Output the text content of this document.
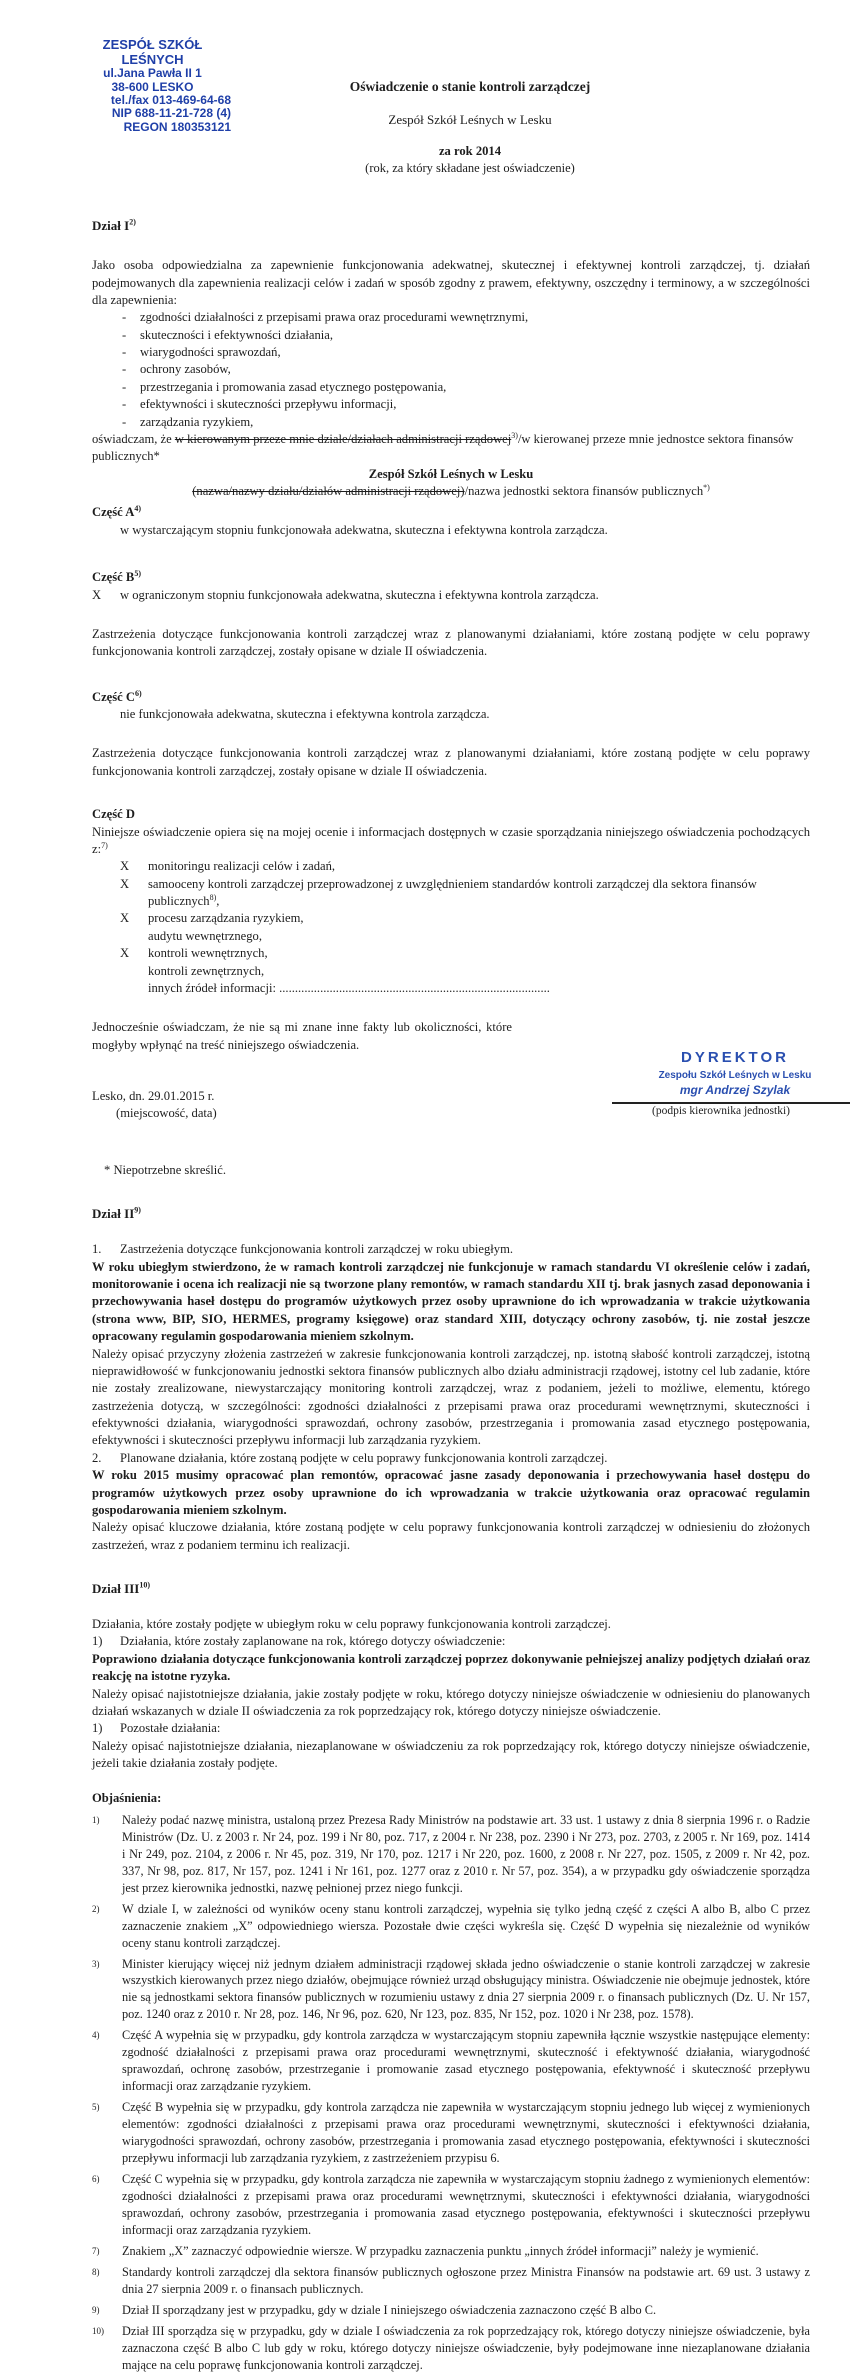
ZESPÓŁ SZKÓŁ LEŚNYCH
ul.Jana Pawła II 1
38-600 LESKO
tel./fax 013-469-64-68
NIP 688-11-21-728 (4)
REGON 180353121
Oświadczenie o stanie kontroli zarządczej
Zespół Szkół Leśnych w Lesku
za rok 2014
(rok, za który składane jest oświadczenie)
Dział $I^{2)}$

Jako osoba odpowiedzialna za zapewnienie funkcjonowania adekwatnej, skutecznej i efektywnej kontroli zarządczej, tj. działań podejmowanych dla zapewnienia realizacji celów i zadań w sposób zgodny z prawem, efektywny, oszczędny i terminowy, a w szczególności dla zapewnienia:

- zgodności działalności z przepisami prawa oraz procedurami wewnętrznymi,
- skuteczności i efektywności działania,
- wiarygodności sprawozdań,
- ochrony zasobów,
- przestrzegania i promowania zasad etycznego postępowania,
- efektywności i skuteczności przepływu informacji,
- zarządzania ryzykiem,

oświadczam, że w kierowanym przeze mnie dziale/działach administracji rządowej$^{3)}$/w kierowanej przeze mnie jednostce sektora finansów publicznych*

Zespół Szkół Leśnych w Lesku

(nazwa/nazwy działu/działów administracji rządowej)/nazwa jednostki sektora finansów publicznych*)

Część $A^{4)}$
w wystarczającym stopniu funkcjonowała adekwatna, skuteczna i efektywna kontrola zarządcza.
Część $B^{5)}$
X	w ograniczonym stopniu funkcjonowała adekwatna, skuteczna i efektywna kontrola zarządcza.

Zastrzeżenia dotyczące funkcjonowania kontroli zarządczej wraz z planowanymi działaniami, które zostaną podjęte w celu poprawy funkcjonowania kontroli zarządczej, zostały opisane w dziale II oświadczenia.

Część $C^{6)}$
nie funkcjonowała adekwatna, skuteczna i efektywna kontrola zarządcza.

Zastrzeżenia dotyczące funkcjonowania kontroli zarządczej wraz z planowanymi działaniami, które zostaną podjęte w celu poprawy funkcjonowania kontroli zarządczej, zostały opisane w dziale II oświadczenia.

Część D

Niniejsze oświadczenie opiera się na mojej ocenie i informacjach dostępnych w czasie sporządzania niniejszego oświadczenia pochodzących z:$^{7)}$

X	monitoringu realizacji celów i zadań,
X	samooceny kontroli zarządczej przeprowadzonej z uwzględnieniem standardów kontroli zarządczej dla sektora finansów publicznych$^{8)}$,
X	procesu zarządzania ryzykiem,
audytu wewnętrznego,
X	kontroli wewnętrznych,
kontroli zewnętrznych,
innych źródeł informacji: ......................................................................................

Jednocześnie oświadczam, że nie są mi znane inne fakty lub okoliczności, które mogłyby wpłynąć na treść niniejszego oświadczenia.

DYREKTOR
Zespołu Szkół Leśnych w Lesku
mgr Andrzej Szylak
Lesko, dn. 29.01.2015 r.
(miejscowość, data)	(podpis kierownika jednostki)

* Niepotrzebne skreślić.

Dział II$^{9)}$
1.	Zastrzeżenia dotyczące funkcjonowania kontroli zarządczej w roku ubiegłym.

W roku ubiegłym stwierdzono, że w ramach kontroli zarządczej nie funkcjonuje w ramach standardu VI określenie celów i zadań, monitorowanie i ocena ich realizacji nie są tworzone plany remontów, w ramach standardu XII tj. brak jasnych zasad deponowania i przechowywania haseł dostępu do programów użytkowych przez osoby uprawnione do ich wprowadzania w trakcie użytkowania (strona www, BIP, SIO, HERMES, programy księgowe) oraz standard XIII, dotyczący ochrony zasobów, tj. nie został jeszcze opracowany regulamin gospodarowania mieniem szkolnym.

Należy opisać przyczyny złożenia zastrzeżeń w zakresie funkcjonowania kontroli zarządczej, np. istotną słabość kontroli zarządczej, istotną nieprawidłowość w funkcjonowaniu jednostki sektora finansów publicznych albo działu administracji rządowej, istotny cel lub zadanie, które nie zostały zrealizowane, niewystarczający monitoring kontroli zarządczej, wraz z podaniem, jeżeli to możliwe, elementu, którego zastrzeżenia dotyczą, w szczególności: zgodności działalności z przepisami prawa oraz procedurami wewnętrznymi, skuteczności i efektywności działania, wiarygodności sprawozdań, ochrony zasobów, przestrzegania i promowania zasad etycznego postępowania, efektywności i skuteczności przepływu informacji lub zarządzania ryzykiem.

2.	Planowane działania, które zostaną podjęte w celu poprawy funkcjonowania kontroli zarządczej.

W roku 2015 musimy opracować plan remontów, opracować jasne zasady deponowania i przechowywania haseł dostępu do programów użytkowych przez osoby uprawnione do ich wprowadzania w trakcie użytkowania oraz opracować regulamin gospodarowania mieniem szkolnym.

Należy opisać kluczowe działania, które zostaną podjęte w celu poprawy funkcjonowania kontroli zarządczej w odniesieniu do złożonych zastrzeżeń, wraz z podaniem terminu ich realizacji.

Dział III$^{10)}$

Działania, które zostały podjęte w ubiegłym roku w celu poprawy funkcjonowania kontroli zarządczej.

1)	Działania, które zostały zaplanowane na rok, którego dotyczy oświadczenie:

Poprawiono działania dotyczące funkcjonowania kontroli zarządczej poprzez dokonywanie pełniejszej analizy podjętych działań oraz reakcję na istotne ryzyka.

Należy opisać najistotniejsze działania, jakie zostały podjęte w roku, którego dotyczy niniejsze oświadczenie w odniesieniu do planowanych działań wskazanych w dziale II oświadczenia za rok poprzedzający rok, którego dotyczy niniejsze oświadczenie.

1)	Pozostałe działania:

Należy opisać najistotniejsze działania, niezaplanowane w oświadczeniu za rok poprzedzający rok, którego dotyczy niniejsze oświadczenie, jeżeli takie działania zostały podjęte.

Objaśnienia:
1)	Należy podać nazwę ministra, ustaloną przez Prezesa Rady Ministrów na podstawie art. 33 ust. 1 ustawy z dnia 8 sierpnia 1996 r. o Radzie Ministrów (Dz. U. z 2003 r. Nr 24, poz. 199 i Nr 80, poz. 717, z 2004 r. Nr 238, poz. 2390 i Nr 273, poz. 2703, z 2005 r. Nr 169, poz. 1414 i Nr 249, poz. 2104, z 2006 r. Nr 45, poz. 319, Nr 170, poz. 1217 i Nr 220, poz. 1600, z 2008 r. Nr 227, poz. 1505, z 2009 r. Nr 42, poz. 337, Nr 98, poz. 817, Nr 157, poz. 1241 i Nr 161, poz. 1277 oraz z 2010 r. Nr 57, poz. 354), a w przypadku gdy oświadczenie sporządza jest przez kierownika jednostki, nazwę pełnionej przez niego funkcji.
2)	W dziale I, w zależności od wyników oceny stanu kontroli zarządczej, wypełnia się tylko jedną część z części A albo B, albo C przez zaznaczenie znakiem „X” odpowiedniego wiersza. Pozostałe dwie części wykreśla się. Część D wypełnia się niezależnie od wyników oceny stanu kontroli zarządczej.
3)	Minister kierujący więcej niż jednym działem administracji rządowej składa jedno oświadczenie o stanie kontroli zarządczej w zakresie wszystkich kierowanych przez niego działów, obejmujące również urząd obsługujący ministra. Oświadczenie nie obejmuje jednostek, które nie są jednostkami sektora finansów publicznych w rozumieniu ustawy z dnia 27 sierpnia 2009 r. o finansach publicznych (Dz. U. Nr 157, poz. 1240 oraz z 2010 r. Nr 28, poz. 146, Nr 96, poz. 620, Nr 123, poz. 835, Nr 152, poz. 1020 i Nr 238, poz. 1578).
4)	Część A wypełnia się w przypadku, gdy kontrola zarządcza w wystarczającym stopniu zapewniła łącznie wszystkie następujące elementy: zgodność działalności z przepisami prawa oraz procedurami wewnętrznymi, skuteczność i efektywność działania, wiarygodność sprawozdań, ochronę zasobów, przestrzeganie i promowanie zasad etycznego postępowania, efektywność i skuteczność przepływu informacji oraz zarządzanie ryzykiem.
5)	Część B wypełnia się w przypadku, gdy kontrola zarządcza nie zapewniła w wystarczającym stopniu jednego lub więcej z wymienionych elementów: zgodności działalności z przepisami prawa oraz procedurami wewnętrznymi, skuteczności i efektywności działania, wiarygodności sprawozdań, ochrony zasobów, przestrzegania i promowania zasad etycznego postępowania, efektywności i skuteczności przepływu informacji lub zarządzania ryzykiem, z zastrzeżeniem przypisu 6.
6)	Część C wypełnia się w przypadku, gdy kontrola zarządcza nie zapewniła w wystarczającym stopniu żadnego z wymienionych elementów: zgodności działalności z przepisami prawa oraz procedurami wewnętrznymi, skuteczności i efektywności działania, wiarygodności sprawozdań, ochrony zasobów, przestrzegania i promowania zasad etycznego postępowania, efektywności i skuteczności przepływu informacji oraz zarządzania ryzykiem.
7)	Znakiem „X” zaznaczyć odpowiednie wiersze. W przypadku zaznaczenia punktu „innych źródeł informacji” należy je wymienić.
8)	Standardy kontroli zarządczej dla sektora finansów publicznych ogłoszone przez Ministra Finansów na podstawie art. 69 ust. 3 ustawy z dnia 27 sierpnia 2009 r. o finansach publicznych.
9)	Dział II sporządzany jest w przypadku, gdy w dziale I niniejszego oświadczenia zaznaczono część B albo C.
10)	Dział III sporządza się w przypadku, gdy w dziale I oświadczenia za rok poprzedzający rok, którego dotyczy niniejsze oświadczenie, była zaznaczona część B albo C lub gdy w roku, którego dotyczy niniejsze oświadczenie, były podejmowane inne niezaplanowane działania mające na celu poprawę funkcjonowania kontroli zarządczej.
